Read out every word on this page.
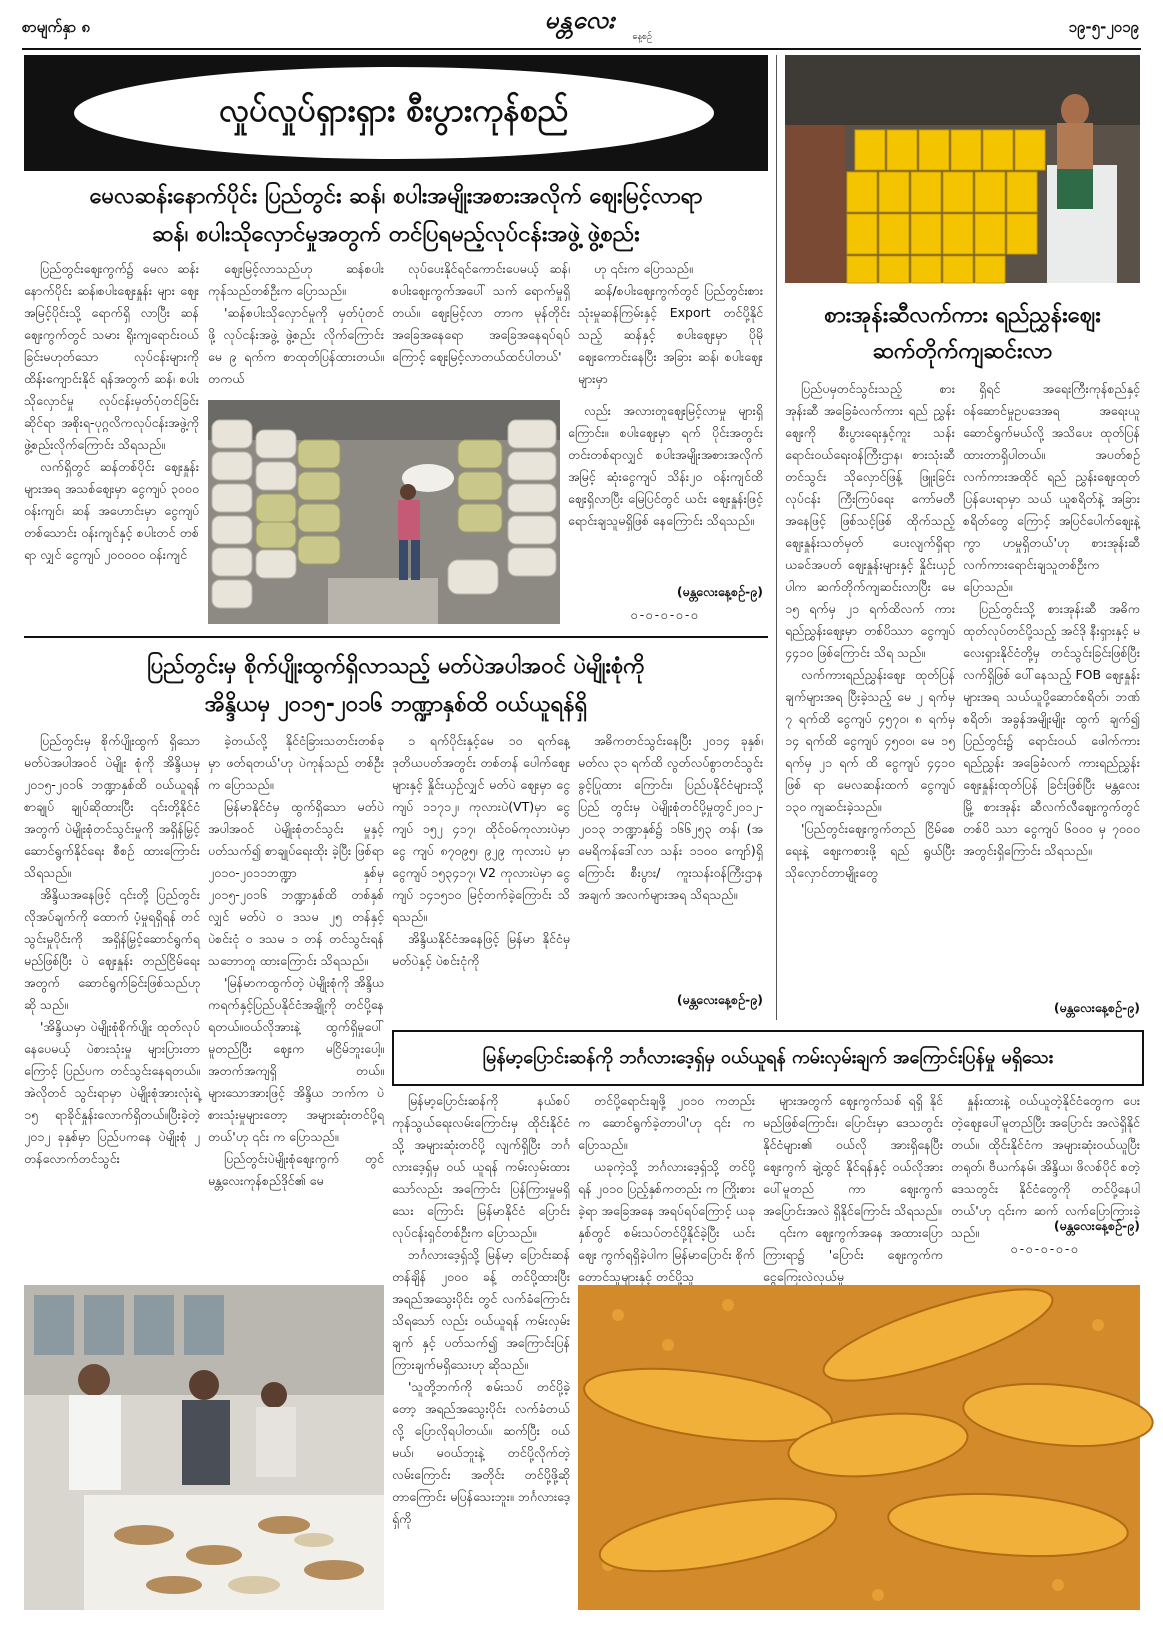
စာမျက်နှာ ၈	မန္တလေး
နေ့စဉ်
၁၉-၅-၂၀၁၉
လှုပ်လှုပ်ရှားရှား စီးပွားကုန်စည်
မေလဆန်းနောက်ပိုင်း ပြည်တွင်း ဆန်၊ စပါးအမျိုးအစားအလိုက် ဈေးမြင့်လာရာ
ဆန်၊ စပါးသိုလှောင်မှုအတွက် တင်ပြရမည့်လုပ်ငန်းအဖွဲ့ ဖွဲ့စည်း

ပြည်တွင်းဈေးကွက်၌ မေလ ဆန်းနောက်ပိုင်း ဆန်၊စပါးဈေးနှုန်း များ ဈေးအမြင့်ပိုင်းသို့ ရောက်ရှိ လာပြီး ဆန်ဈေးကွက်တွင် သမား ရိုးကျရောင်းဝယ်ခြင်းမဟုတ်သော လုပ်ငန်းများကို ထိန်းကျောင်းနိုင် ရန်အတွက် ဆန်၊ စပါးသိုလှောင်မှု လုပ်ငန်းမှတ်ပုံတင်ခြင်းဆိုင်ရာ အစိုးရ-ပုဂ္ဂလိကလုပ်ငန်းအဖွဲ့ကို ဖွဲ့စည်းလိုက်ကြောင်း သိရသည်။

လက်ရှိတွင် ဆန်တစ်ပိုင်း ဈေးနှုန်းများအရ အသစ်ဈေးမှာ ငွေကျပ် ၃၀၀၀ ဝန်းကျင်၊ ဆန် အဟောင်းမှာ ငွေကျပ်တစ်သောင်း ဝန်းကျင်နှင့် စပါးတင် တစ်ရာ လျှင် ငွေကျပ် ၂၀၀၀၀၀ ဝန်းကျင်

ဈေးမြင့်လာသည်ဟု ဆန်စပါး ကုန်သည်တစ်ဦးက ပြောသည်။

'ဆန်စပါးသိုလှောင်မှုကို မှတ်ပုံတင်ဖို့ လုပ်ငန်းအဖွဲ့ ဖွဲ့စည်း လိုက်ကြောင်း မေ ၉ ရက်က စာထုတ်ပြန်ထားတယ်။တကယ်

လုပ်ပေးနိုင်ရင်ကောင်းပေမယ့် ဆန်၊ စပါးဈေးကွက်အပေါ် သက် ရောက်မှုရှိတယ်။ ဈေးမြင့်လာ တာက မုန်တိုင်းအခြေအနေရော အခြေအနေရပ်ရပ်ကြောင့် ဈေးမြင့်လာတယ်ထင်ပါတယ်'

ဟု ၎င်းက ပြောသည်။

ဆန်/စပါးဈေးကွက်တွင် ပြည်တွင်းစားသုံးမှုဆန်ကြမ်းနှင့် Export တင်ပို့နိုင်သည့် ဆန်နှင့် စပါးဈေးမှာ ပိုမိုဈေးကောင်းနေပြီး အခြား ဆန်၊ စပါးဈေးများမှာ

လည်း အလားတူဈေးမြင့်လာမှု များရှိကြောင်း။ စပါးဈေးမှာ ရက် ပိုင်းအတွင်း တင်းတစ်ရာလျှင် စပါးအမျိုးအစားအလိုက် အမြင့် ဆုံးငွေကျပ် သိန်း၂၀ ဝန်းကျင်ထိ ဈေးရှိလာပြီး မြေပြင်တွင် ယင်း ဈေးနှုန်းဖြင့် ရောင်းချသူမရှိဖြစ် နေကြောင်း သိရသည်။

(မန္တလေးနေ့စဉ်-၉)
၀-၀-၀-၀-၀
ပြည်တွင်းမှ စိုက်ပျိုးထွက်ရှိလာသည့် မတ်ပဲအပါအဝင် ပဲမျိုးစုံကို
အိန္ဒိယမှ ၂၀၁၅-၂၀၁၆ ဘဏ္ဍာနှစ်ထိ ဝယ်ယူရန်ရှိ

ပြည်တွင်းမှ စိုက်ပျိုးထွက် ရှိသော မတ်ပဲအပါအဝင် ပဲမျိုး စုံကို အိန္ဒိယမှ ၂၀၁၅-၂၀၁၆ ဘဏ္ဍာနှစ်ထိ ဝယ်ယူရန် စာချုပ် ချုပ်ဆိုထားပြီး ၎င်းတို့နိုင်ငံ အတွက် ပဲမျိုးစုံတင်သွင်းမှုကို အရှိန်မြှင့်ဆောင်ရွက်နိုင်ရေး စီစဉ် ထားကြောင်း သိရသည်။

အိန္ဒိယအနေဖြင့် ၎င်းတို့ ပြည်တွင်း လိုအပ်ချက်ကို ထောက် ပံ့မှုရရှိရန် တင်သွင်းမှုပိုင်းကို အရှိန်မြှင့်ဆောင်ရွက်ရမည်ဖြစ်ပြီး ပဲ ဈေးနှုန်း တည်ငြိမ်ရေးအတွက် ဆောင်ရွက်ခြင်းဖြစ်သည်ဟု ဆို သည်။

'အိန္ဒိယမှာ ပဲမျိုးစုံစိုက်ပျိုး ထုတ်လုပ်နေပေမယ့် ပဲစားသုံးမှု များပြားတာကြောင့် ပြည်ပက တင်သွင်းနေရတယ်။ အဲလိုတင် သွင်းရာမှာ ပဲမျိုးစုံအားလုံးရဲ့ ၁၅ ရာခိုင်နှုန်းလောက်ရှိတယ်။ပြီးခဲ့တဲ့ ၂၀၁၂ ခုနှစ်မှာ ပြည်ပကနေ ပဲမျိုးစုံ ၂ တန်လောက်တင်သွင်း

ခဲ့တယ်လို့ နိုင်ငံခြားသတင်းတစ်ခု မှာ ဖတ်ရတယ်'ဟု ပဲကုန်သည် တစ်ဦးက ပြောသည်။

မြန်မာနိုင်ငံမှ ထွက်ရှိသော မတ်ပဲအပါအဝင် ပဲမျိုးစုံတင်သွင်း မှုနှင့် ပတ်သက်၍ စာချုပ်ရေးထိုး ခဲ့ပြီး ဖြစ်ရာ ၂၀၁၀-၂၀၁၁ဘဏ္ဍာ နှစ်မှ ၂၀၁၅-၂၀၁၆ ဘဏ္ဍာနှစ်ထိ တစ်နှစ်လျှင် မတ်ပဲ ၀ ဒသမ ၂၅ တန်နှင့် ပဲစင်းငုံ ၀ ဒသမ ၁ တန် တင်သွင်းရန် သဘောတူ ထားကြောင်း သိရသည်။

'မြန်မာကထွက်တဲ့ ပဲမျိုးစုံကို အိန္ဒိယကရက်နှင့်ပြည်ပနိုင်ငံအချို့ကို တင်ပို့နေရတယ်။ဝယ်လိုအားနဲ့ ထွက်ရှိမှုပေါ် မူတည်ပြီး ဈေးက မငြိမ်ဘူးပေါ့။ အတက်အကျရှိ တယ်။ များသောအားဖြင့် အိန္ဒိယ ဘက်က ပဲစားသုံးမှုများတော့ အများဆုံးတင်ပို့ရတယ်'ဟု ၎င်း က ပြောသည်။

ပြည်တွင်းပဲမျိုးစုံဈေးကွက် တွင် မန္တလေးကုန်စည်ဒိုင်၏ မေ

၁ ရက်ပိုင်းနှင့်မေ ၁၀ ရက်နေ့ ဒုတိယပတ်အတွင်း တစ်တန် ပေါက်ဈေးများနှင့် နှိုင်းယှဉ်လျှင် မတ်ပဲ ဈေးမှာ ငွေကျပ် ၁၁၇၁၂၊ ကုလားပဲ(VT)မှာ ငွေကျပ် ၁၅၂ ၄၁၇၊ ထိုင်ဝမ်ကုလားပဲမှာ ငွေ ကျပ် ၈၇၀၉၅၊ ၉၂၉ ကုလားပဲ မှာ ငွေကျပ် ၁၅၃၄၁၇၊ V2 ကုလားပဲမှာ ငွေကျပ် ၁၄၁၅၁၀ မြင့်တက်ခဲ့ကြောင်း သိရသည်။

အိန္ဒိယနိုင်ငံအနေဖြင့် မြန်မာ နိုင်ငံမှ မတ်ပဲနှင့် ပဲစင်းငုံကို

အဓိကတင်သွင်းနေပြီး ၂၀၁၄ ခုနှစ်၊ မတ်လ ၃၁ ရက်ထိ လွတ်လပ်စွာတင်သွင်းခွင့်ပြုထား ကြောင်း၊ ပြည်ပနိုင်ငံများသို့ ပြည် တွင်းမှ ပဲမျိုးစုံတင်ပို့မှုတွင်၂၀၁၂- ၂၀၁၃ ဘဏ္ဍာနှစ်၌ ၁၆၆၂၅၃ တန်၊ (အမေရိကန်ဒေါ်လာ သန်း ၁၁၀၀ ကျော်)ရှိကြောင်း စီးပွား/ ကူးသန်းဝန်ကြီးဌာန အချက် အလက်များအရ သိရသည်။

(မန္တလေးနေ့စဉ်-၉)
စားအုန်းဆီလက်ကား ရည်ညွှန်းဈေး
ဆက်တိုက်ကျဆင်းလာ

ပြည်ပမှတင်သွင်းသည့် စား အုန်းဆီ အခြေခံလက်ကား ရည် ညွှန်းဈေးကို စီးပွားရေးနှင့်ကူး သန်းရောင်းဝယ်ရေးဝန်ကြီးဌာန၊ စားသုံးဆီတင်သွင်း သိုလှောင်ဖြန့် ဖြူးခြင်းလုပ်ငန်း ကြီးကြပ်ရေး ကော်မတီအနေဖြင့် ဖြစ်သင့်ဖြစ် ထိုက်သည့် ဈေးနှုန်းသတ်မှတ် ပေးလျက်ရှိရာ ယခင်အပတ် ဈေးနှုန်းများနှင့် နှိုင်းယှဉ်ပါက ဆက်တိုက်ကျဆင်းလာပြီး မေ ၁၅ ရက်မှ ၂၁ ရက်ထိလက် ကားရည်ညွှန်းဈေးမှာ တစ်ပိဿာ ငွေကျပ် ၄၄၁၀ ဖြစ်ကြောင်း သိရ သည်။

လက်ကားရည်ညွှန်းဈေး ထုတ်ပြန်ချက်များအရ ပြီးခဲ့သည့် မေ ၂ ရက်မှ ၇ ရက်ထိ ငွေကျပ် ၄၅၇၀၊ ၈ ရက်မှ ၁၄ ရက်ထိ ငွေကျပ် ၄၅၀၀၊ မေ ၁၅ ရက်မှ ၂၁ ရက် ထိ ငွေကျပ် ၄၄၁၀ ဖြစ် ရာ မေလဆန်းထက် ငွေကျပ် ၁၃၀ ကျဆင်းခဲ့သည်။

'ပြည်တွင်းဈေးကွက်တည် ငြိမ်စေရေးနဲ့ ဈေးကစားဖို့ ရည် ရွယ်ပြီး သိုလှောင်တာမျိုးတွေ

ရှိရင် အရေးကြီးကုန်စည်နှင့် ဝန်ဆောင်မှုဥပဒေအရ အရေးယူ ဆောင်ရွက်မယ်လို့ အသိပေး ထုတ်ပြန်ထားတာရှိပါတယ်။ အပတ်စဉ် လက်ကားအထိုင် ရည် ညွှန်းဈေးထုတ်ပြန်ပေးရာမှာ သယ် ယူစရိတ်နဲ့ အခြားစရိတ်တွေ ကြောင့် အပြင်ပေါက်ဈေးနဲ့ ကွာ ဟမှုရှိတယ်'ဟု စားအုန်းဆီ လက်ကားရောင်းချသူတစ်ဦးက ပြောသည်။

ပြည်တွင်းသို့ စားအုန်းဆီ အဓိကထုတ်လုပ်တင်ပို့သည့် အင်ဒို နီးရှားနှင့် မလေးရှားနိုင်ငံတို့မှ တင်သွင်းခြင်းဖြစ်ပြီး လက်ရှိဖြစ် ပေါ်နေသည့် FOB ဈေးနှုန်း များအရ သယ်ယူပို့ဆောင်စရိတ်၊ ဘဏ်စရိတ်၊ အခွန်အမျိုးမျိုး ထွက် ချက်၍ ပြည်တွင်း၌ ရောင်းဝယ် ဖေါက်ကားရည်ညွှန်း အခြေခံလက် ကားရည်ညွှန်းဈေးနှုန်းထုတ်ပြန် ခြင်းဖြစ်ပြီး မန္တလေးမြို့ စားအုန်း ဆီလက်လီဈေးကွက်တွင် တစ်ပိ ဿာ ငွေကျပ် ၆၀၀၀ မှ ၇၀၀၀ အတွင်းရှိကြောင်း သိရသည်။

(မန္တလေးနေ့စဉ်-၉)
မြန်မာ့ပြောင်းဆန်ကို ဘင်္ဂလားဒေ့ရှ်မှ ဝယ်ယူရန် ကမ်းလှမ်းချက် အကြောင်းပြန်မှု မရှိသေး

မြန်မာ့ပြောင်းဆန်ကို နယ်စပ် ကုန်သွယ်ရေးလမ်းကြောင်းမှ ထိုင်းနိုင်ငံသို့ အများဆုံးတင်ပို့ လျက်ရှိပြီး ဘင်္ဂလားဒေ့ရှ်မှ ဝယ် ယူရန် ကမ်းလှမ်းထားသော်လည်း အကြောင်း ပြန်ကြားမှုမရှိသေး ကြောင်း မြန်မာနိုင်ငံ ပြောင်း လုပ်ငန်းရှင်တစ်ဦးက ပြောသည်။

ဘင်္ဂလားဒေ့ရှ်သို့ မြန်မာ့ ပြောင်းဆန်တန်ချိန် ၂၀၀၀ ခန့် တင်ပို့ထားပြီး အရည်အသွေးပိုင်း တွင် လက်ခံကြောင်း သိရသော် လည်း ဝယ်ယူရန် ကမ်းလှမ်းချက် နှင့် ပတ်သက်၍ အကြောင်းပြန် ကြားချက်မရှိသေးဟု ဆိုသည်။

'သူတို့ဘက်ကို စမ်းသပ် တင်ပို့ခဲ့တော့ အရည်အသွေးပိုင်း လက်ခံတယ်လို့ ပြောလိုရပါတယ်။ ဆက်ပြီး ဝယ်မယ်၊ မဝယ်ဘူးနဲ့ တင်ပို့လိုက်တဲ့ လမ်းကြောင်း အတိုင်း တင်ပို့ဖို့ဆိုတာကြောင်း မပြန်သေးဘူး။ ဘင်္ဂလားဒေ့ရှ်ကို

တင်ပို့ရောင်းချဖို့ ၂၀၁၀ ကတည်း က ဆောင်ရွက်ခဲ့တာပါ'ဟု ၎င်း က ပြောသည်။

ယခုကဲ့သို့ ဘင်္ဂလားဒေ့ရှ်သို့ တင်ပို့ရန် ၂၀၁၀ ပြည့်နှစ်ကတည်း က ကြိုးစားခဲ့ရာ အခြေအနေ အရပ်ရပ်ကြောင့် ယခုနှစ်တွင် စမ်းသပ်တင်ပို့နိုင်ခဲ့ပြီး ယင်းဈေး ကွက်ရရှိခဲ့ပါက မြန်မာပြောင်း စိုက်တောင်သူများနှင့် တင်ပို့သူ

များအတွက် ဈေးကွက်သစ် ရရှိ နိုင်မည်ဖြစ်ကြောင်း၊ ပြောင်းမှာ ဒေသတွင်းနိုင်ငံများ၏ ဝယ်လို အားရှိနေပြီး ဈေးကွက် ချဲ့ထွင် နိုင်ရန်နှင့် ဝယ်လိုအားပေါ်မူတည် ကာ ဈေးကွက်အပြောင်းအလဲ ရှိနိုင်ကြောင်း သိရသည်။

၎င်းက ဈေးကွက်အနေ အထားပြောကြားရာ၌ 'ပြောင်း ဈေးကွက်က ငွေကြေးလဲလှယ်မှု

နှုန်းထားနဲ့ ဝယ်ယူတဲ့နိုင်ငံတွေက ပေးတဲ့ဈေးပေါ်မူတည်ပြီး အပြောင်း အလဲရှိနိုင်တယ်။ ထိုင်းနိုင်ငံက အများဆုံးဝယ်ယူပြီး တရုတ်၊ ဗီယက်နမ်၊ အိန္ဒိယ၊ ဖိလစ်ပိုင် စတဲ့ ဒေသတွင်း နိုင်ငံတွေကို တင်ပို့နေပါတယ်'ဟု ၎င်းက ဆက် လက်ပြောကြားခဲ့သည်။	(မန္တလေးနေ့စဉ်-၉)
၀-၀-၀-၀-၀
